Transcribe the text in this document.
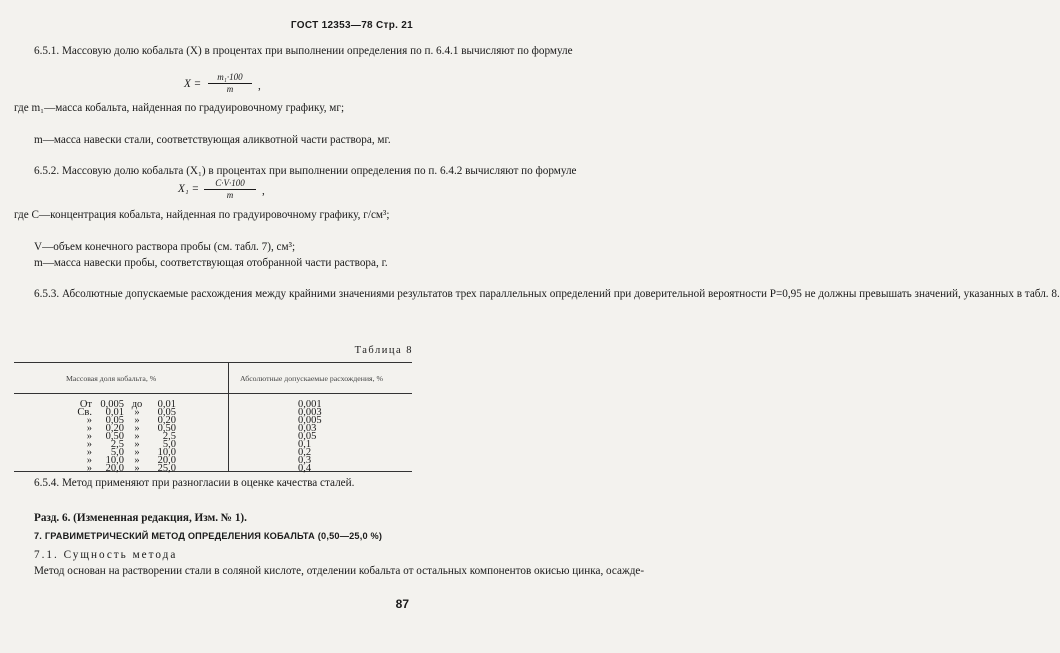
ГОСТ 12353—78 Стр. 21
6.5.1. Массовую долю кобальта (X) в процентах при выполнении определения по п. 6.4.1 вычисляют по формуле
$X = \frac{\text{m₁·100}}{m}$ ,
где m₁—масса кобальта, найденная по градуировочному графику, мг;
m—масса навески стали, соответствующая аликвотной части раствора, мг.
6.5.2. Массовую долю кобальта (X₁) в процентах при выполнении определения по п. 6.4.2 вычисляют по формуле
$X_1 = \frac{C\cdot V\cdot 100}{m}$ ,
где C—концентрация кобальта, найденная по градуировочному графику, г/см³;
V—объем конечного раствора пробы (см. табл. 7), см³;
m—масса навески пробы, соответствующая отобранной части раствора, г.
6.5.3. Абсолютные допускаемые расхождения между крайними значениями результатов трех параллельных определений при доверительной вероятности P=0,95 не должны превышать значений, указанных в табл. 8.
Таблица 8
Массовая доля кобальта, %	Абсолютные допускаемые расхождения, %
6.5.4. Метод применяют при разногласии в оценке качества сталей.
Разд. 6. (Измененная редакция, Изм. № 1).
7. ГРАВИМЕТРИЧЕСКИЙ МЕТОД ОПРЕДЕЛЕНИЯ КОБАЛЬТА (0,50—25,0 %)
7.1. Сущность метода
Метод основан на растворении стали в соляной кислоте, отделении кобальта от остальных компонентов окисью цинка, осажде-
87
От 0,005 до	0,01	0,001
Св.	0,01 »	0,05	0,003
»	0,05 »	0,20	0,005
»	0,20 »	0,50	0,03
»	0,50 »	2,5	0,05
»	2,5 »	5,0	0,1
»	5,0 »	10,0	0,2
»	10,0 »	20,0	0,3
»	20,0 »	25,0	0,4
